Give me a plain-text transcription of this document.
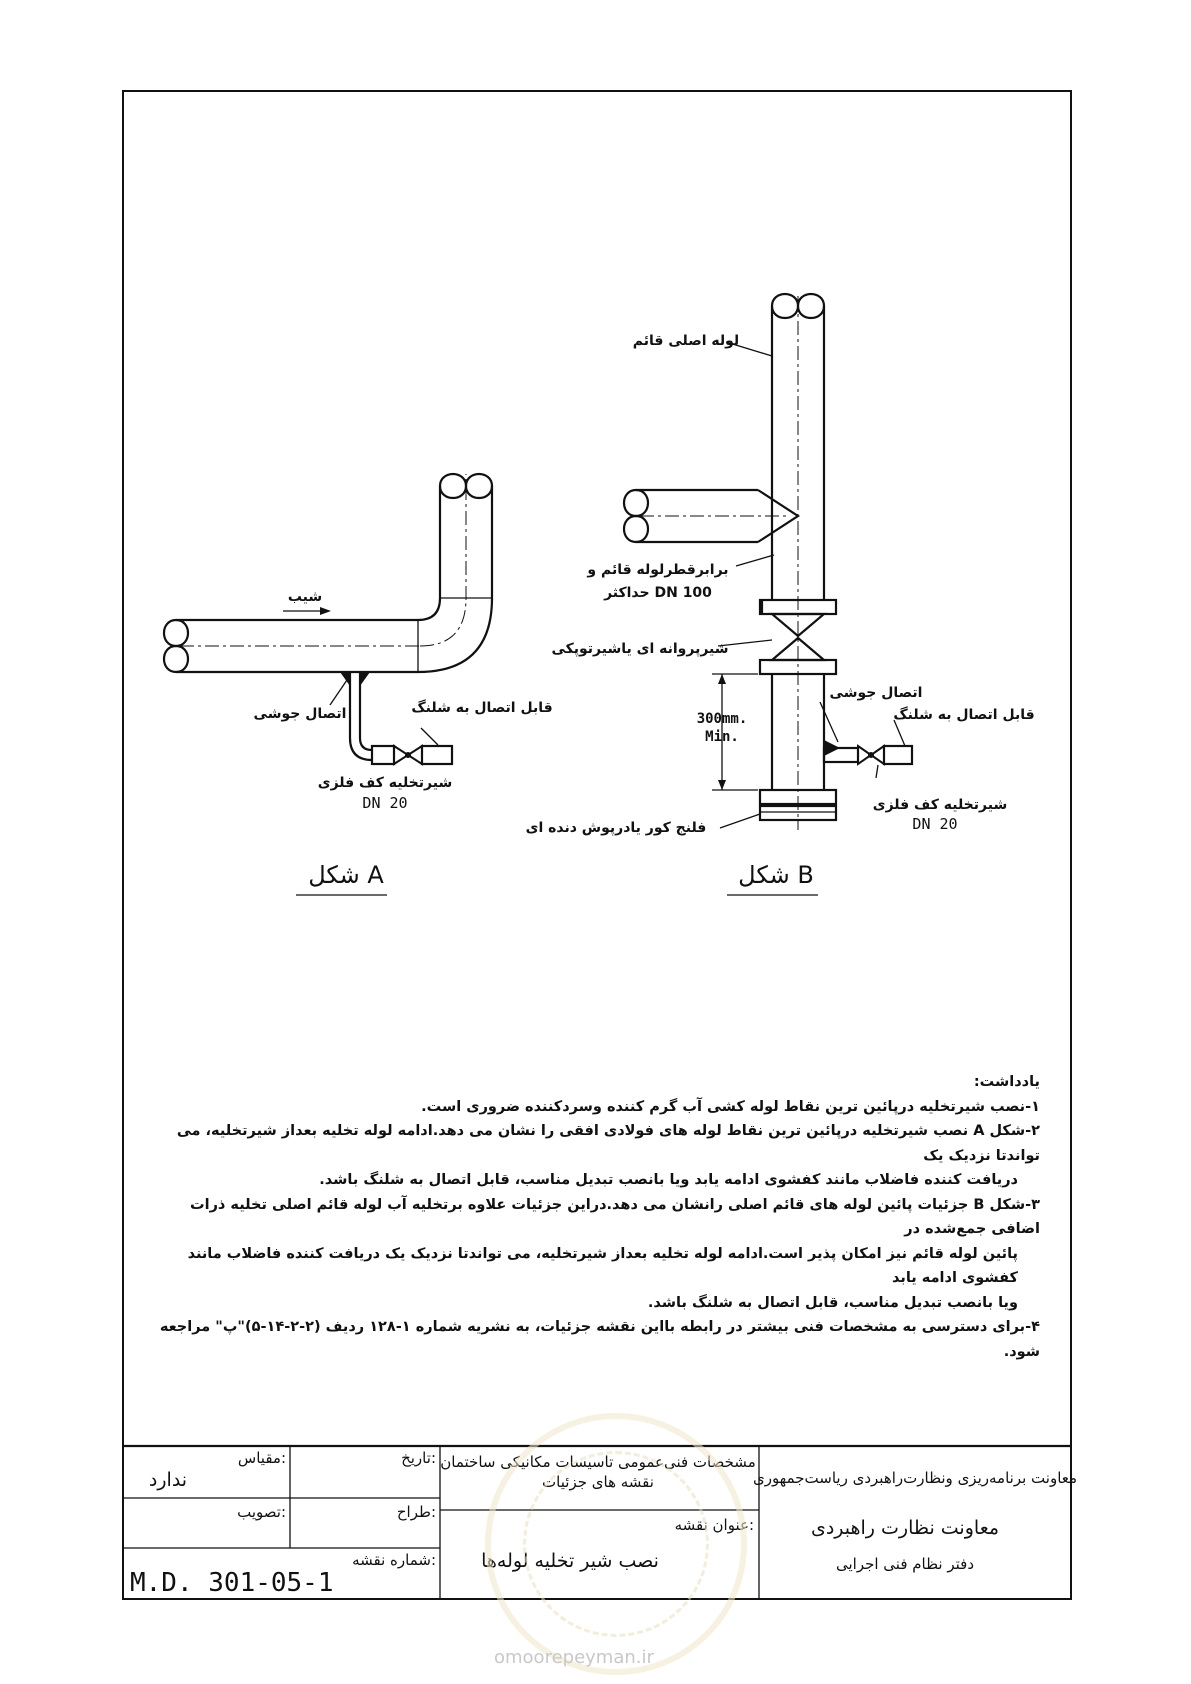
شیب
اتصال جوشی	قابل اتصال به شلنگ
شیرتخلیه کف فلزی
DN 20
شکل A
300mm.
Min.
لوله اصلی قائم
برابرقطرلوله قائم و
حداکثر DN 100
شیرپروانه ای یاشیرتوپکی
اتصال جوشی
قابل اتصال به شلنگ
شیرتخلیه کف فلزی
DN 20
فلنج کور یادرپوش دنده ای
شکل B
تاریخ:
مقیاس:
ندارد
طراح:
تصویب:
شماره نقشه:
M.D. 301-05-1
مشخصات فنی‌عمومی تاسیسات مکانیکی ساختمان
نقشه های جزئیات
عنوان نقشه:
نصب شیر تخلیه لوله‌ها
معاونت برنامه‌ریزی ونظارت‌راهبردی ریاست‌جمهوری
معاونت نظارت راهبردی
دفتر نظام فنی اجرایی

یادداشت:

۱-نصب شیرتخلیه درپائین ترین نقاط لوله کشی آب گرم کننده وسردکننده ضروری است.

۲-شکل A نصب شیرتخلیه درپائین ترین نقاط لوله های فولادی افقی را نشان می دهد.ادامه لوله تخلیه بعداز شیرتخلیه، می تواندتا نزدیک یک

دریافت کننده فاضلاب مانند کفشوی ادامه یابد ویا بانصب تبدیل مناسب، قابل اتصال به شلنگ باشد.

۳-شکل B جزئیات پائین لوله های قائم اصلی رانشان می دهد.دراین جزئیات علاوه برتخلیه آب لوله قائم اصلی تخلیه ذرات اضافی جمع‌شده در

پائین لوله قائم نیز امکان پذیر است.ادامه لوله تخلیه بعداز شیرتخلیه، می تواندتا نزدیک یک دریافت کننده فاضلاب مانند کفشوی ادامه یابد

ویا بانصب تبدیل مناسب، قابل اتصال به شلنگ باشد.

۴-برای دسترسی به مشخصات فنی بیشتر در رابطه بااین نقشه جزئیات، به نشریه شماره ۱-۱۲۸ ردیف (۲-۲-۱۴-۵)"پ" مراجعه شود.

omoorepeyman.ir
